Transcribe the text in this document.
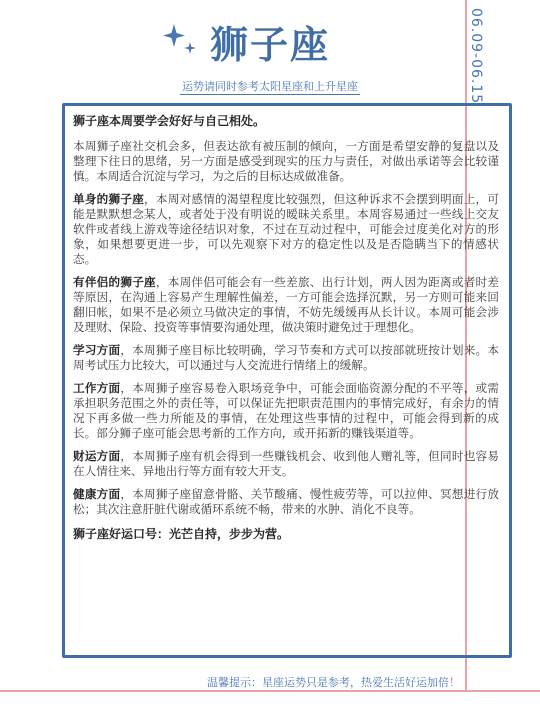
06.09-06.15
狮子座
运势请同时参考太阳星座和上升星座

狮子座本周要学会好好与自己相处。

本周狮子座社交机会多，但表达欲有被压制的倾向，一方面是希望安静的复盘以及整理下往日的思绪，另一方面是感受到现实的压力与责任，对做出承诺等会比较谨慎。本周适合沉淀与学习，为之后的目标达成做准备。

单身的狮子座，本周对感情的渴望程度比较强烈，但这种诉求不会摆到明面上，可能是默默想念某人，或者处于没有明说的暧昧关系里。本周容易通过一些线上交友软件或者线上游戏等途径结识对象，不过在互动过程中，可能会过度美化对方的形象，如果想要更进一步，可以先观察下对方的稳定性以及是否隐瞒当下的情感状态。

有伴侣的狮子座，本周伴侣可能会有一些差旅、出行计划，两人因为距离或者时差等原因，在沟通上容易产生理解性偏差，一方可能会选择沉默，另一方则可能来回翻旧帐，如果不是必须立马做决定的事情，不妨先缓缓再从长计议。本周可能会涉及理财、保险、投资等事情要沟通处理，做决策时避免过于理想化。

学习方面，本周狮子座目标比较明确，学习节奏和方式可以按部就班按计划来。本周考试压力比较大，可以通过与人交流进行情绪上的缓解。

工作方面，本周狮子座容易卷入职场竞争中，可能会面临资源分配的不平等，或需承担职务范围之外的责任等，可以保证先把职责范围内的事情完成好，有余力的情况下再多做一些力所能及的事情，在处理这些事情的过程中，可能会得到新的成长。部分狮子座可能会思考新的工作方向，或开拓新的赚钱渠道等。

财运方面，本周狮子座有机会得到一些赚钱机会、收到他人赠礼等，但同时也容易在人情往来、异地出行等方面有较大开支。

健康方面，本周狮子座留意骨骼、关节酸痛、慢性疲劳等，可以拉伸、冥想进行放松；其次注意肝脏代谢或循环系统不畅，带来的水肿、消化不良等。

狮子座好运口号：光芒自持，步步为营。

温馨提示：星座运势只是参考，热爱生活好运加倍！
